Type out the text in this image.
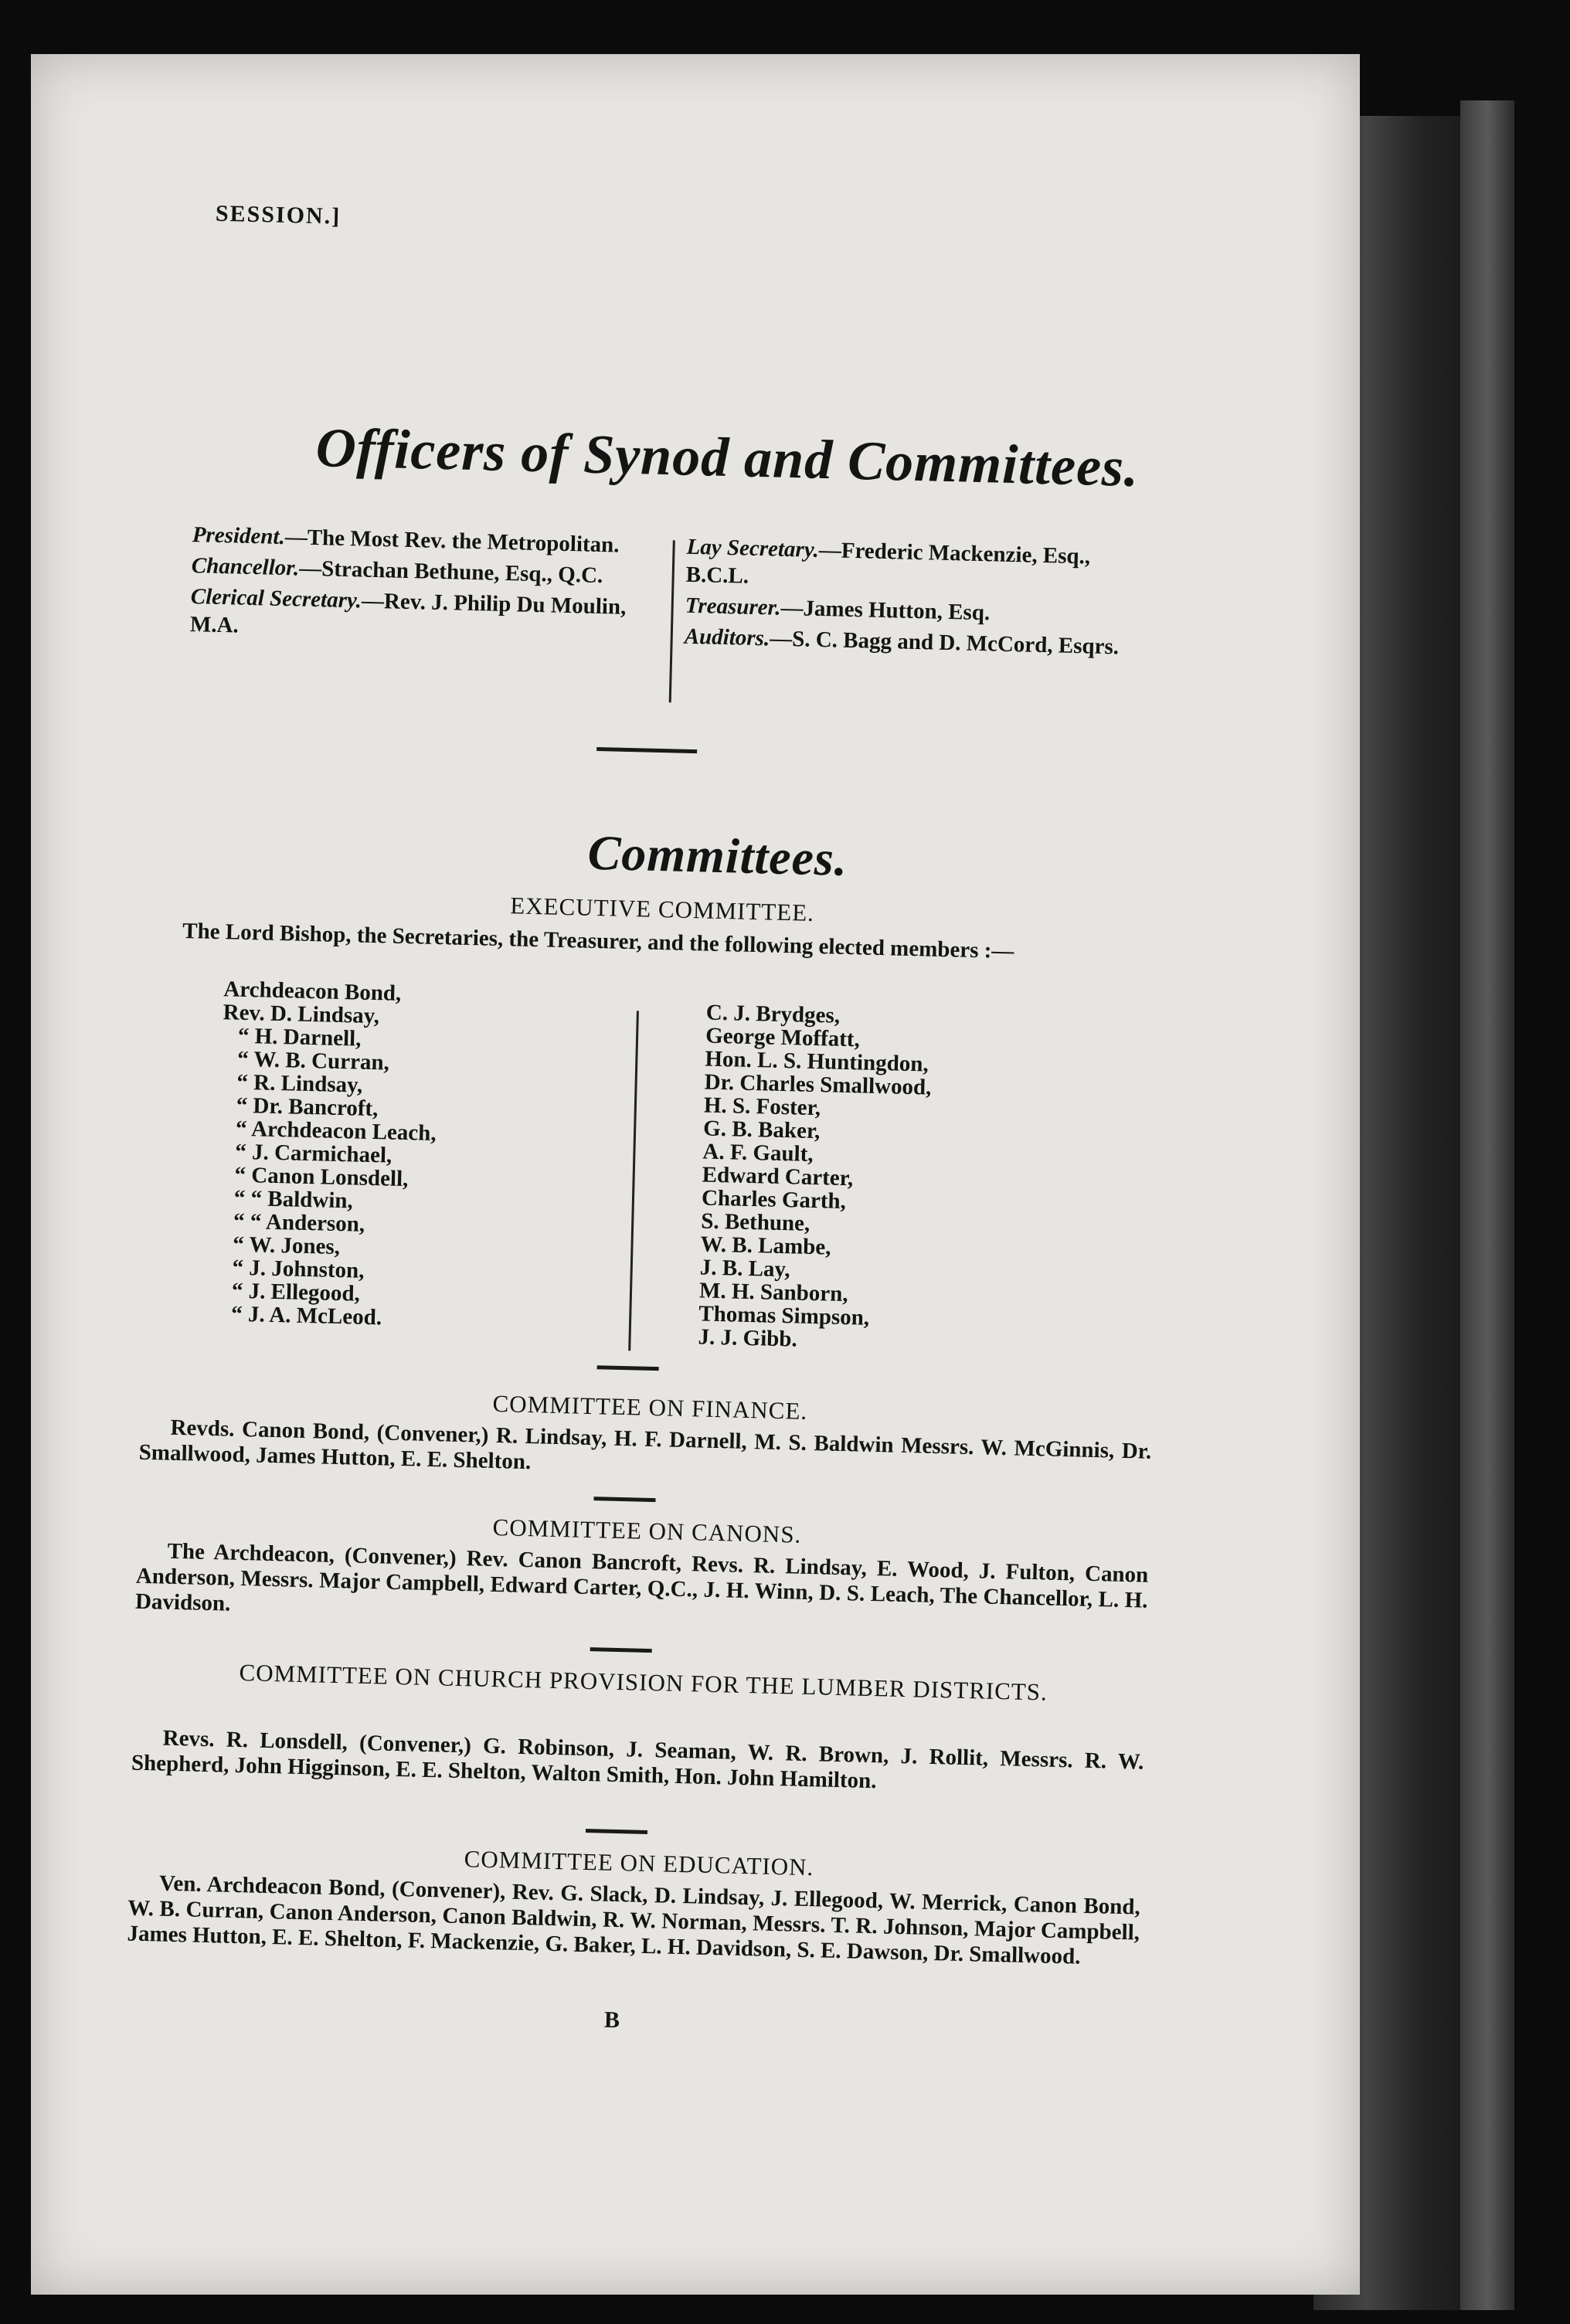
SESSION.]
Officers of Synod and Committees.
President.—The Most Rev. the Metropolitan.
Chancellor.—Strachan Bethune, Esq., Q.C.
Clerical Secretary.—Rev. J. Philip Du Moulin, M.A.
Lay Secretary.—Frederic Mackenzie, Esq., B.C.L.
Treasurer.—James Hutton, Esq.
Auditors.—S. C. Bagg and D. McCord, Esqrs.
Committees.
EXECUTIVE COMMITTEE.
The Lord Bishop, the Secretaries, the Treasurer, and the following elected members :—
Archdeacon Bond,
Rev. D. Lindsay,
“ H. Darnell,
“ W. B. Curran,
“ R. Lindsay,
“ Dr. Bancroft,
“ Archdeacon Leach,
“ J. Carmichael,
“ Canon Lonsdell,
“ “ Baldwin,
“ “ Anderson,
“ W. Jones,
“ J. Johnston,
“ J. Ellegood,
“ J. A. McLeod.
C. J. Brydges,
George Moffatt,
Hon. L. S. Huntingdon,
Dr. Charles Smallwood,
H. S. Foster,
G. B. Baker,
A. F. Gault,
Edward Carter,
Charles Garth,
S. Bethune,
W. B. Lambe,
J. B. Lay,
M. H. Sanborn,
Thomas Simpson,
J. J. Gibb.
COMMITTEE ON FINANCE.
Revds. Canon Bond, (Convener,) R. Lindsay, H. F. Darnell, M. S. Baldwin Messrs. W. McGinnis, Dr. Smallwood, James Hutton, E. E. Shelton.
COMMITTEE ON CANONS.
The Archdeacon, (Convener,) Rev. Canon Bancroft, Revs. R. Lindsay, E. Wood, J. Fulton, Canon Anderson, Messrs. Major Campbell, Edward Carter, Q.C., J. H. Winn, D. S. Leach, The Chancellor, L. H. Davidson.
COMMITTEE ON CHURCH PROVISION FOR THE LUMBER DISTRICTS.
Revs. R. Lonsdell, (Convener,) G. Robinson, J. Seaman, W. R. Brown, J. Rollit, Messrs. R. W. Shepherd, John Higginson, E. E. Shelton, Walton Smith, Hon. John Hamilton.
COMMITTEE ON EDUCATION.
Ven. Archdeacon Bond, (Convener), Rev. G. Slack, D. Lindsay, J. Ellegood, W. Merrick, Canon Bond, W. B. Curran, Canon Anderson, Canon Baldwin, R. W. Norman, Messrs. T. R. Johnson, Major Campbell, James Hutton, E. E. Shelton, F. Mackenzie, G. Baker, L. H. Davidson, S. E. Dawson, Dr. Smallwood.
B
